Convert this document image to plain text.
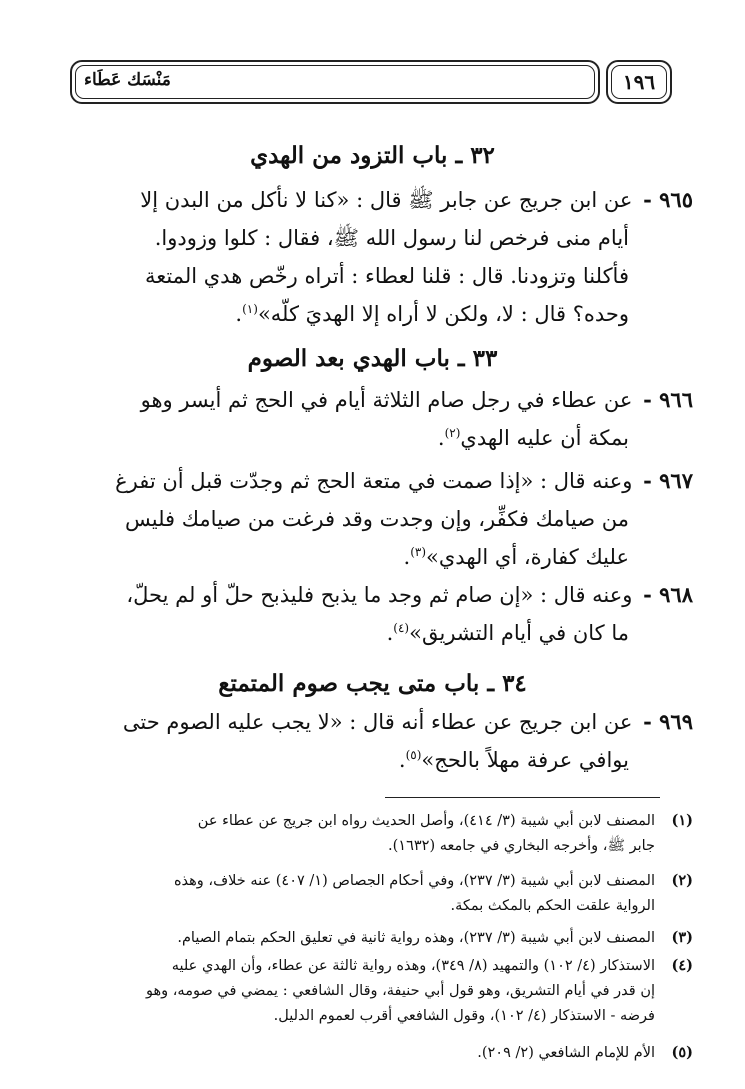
مَنْسَك عَطَاء	١٩٦
٣٢ ـ باب التزود من الهدي
٩٦٥ - عن ابن جريج عن جابر ﷺ قال : «كنا لا نأكل من البدن إلا
أيام منى فرخص لنا رسول الله ﷺ، فقال : كلوا وزودوا.
فأكلنا وتزودنا. قال : قلنا لعطاء : أتراه رخّص هدي المتعة
وحده؟ قال : لا، ولكن لا أراه إلا الهديَ كلّه»$^{(١)}$.
٣٣ ـ باب الهدي بعد الصوم
٩٦٦ - عن عطاء في رجل صام الثلاثة أيام في الحج ثم أيسر وهو
بمكة أن عليه الهدي$^{(٢)}$.
٩٦٧ - وعنه قال : «إذا صمت في متعة الحج ثم وجدّت قبل أن تفرغ
من صيامك فكفِّر، وإن وجدت وقد فرغت من صيامك فليس
عليك كفارة، أي الهدي»$^{(٣)}$.
٩٦٨ - وعنه قال : «إن صام ثم وجد ما يذبح فليذبح حلّ أو لم يحلّ،
ما كان في أيام التشريق»$^{(٤)}$.
٣٤ ـ باب متى يجب صوم المتمتع
٩٦٩ - عن ابن جريج عن عطاء أنه قال : «لا يجب عليه الصوم حتى
يوافي عرفة مهلاً بالحج»$^{(٥)}$.
(١)المصنف لابن أبي شيبة (٣/ ٤١٤)، وأصل الحديث رواه ابن جريج عن عطاء عن
جابر ﷺ، وأخرجه البخاري في جامعه (١٦٣٢).
(٢)المصنف لابن أبي شيبة (٣/ ٢٣٧)، وفي أحكام الجصاص (١/ ٤٠٧) عنه خلاف، وهذه
الرواية علقت الحكم بالمكث بمكة.
(٣)المصنف لابن أبي شيبة (٣/ ٢٣٧)، وهذه رواية ثانية في تعليق الحكم بتمام الصيام.
(٤)الاستذكار (٤/ ١٠٢) والتمهيد (٨/ ٣٤٩)، وهذه رواية ثالثة عن عطاء، وأن الهدي عليه
إن قدر في أيام التشريق، وهو قول أبي حنيفة، وقال الشافعي : يمضي في صومه، وهو
فرضه - الاستذكار (٤/ ١٠٢)، وقول الشافعي أقرب لعموم الدليل.
(٥)الأم للإمام الشافعي (٢/ ٢٠٩).
